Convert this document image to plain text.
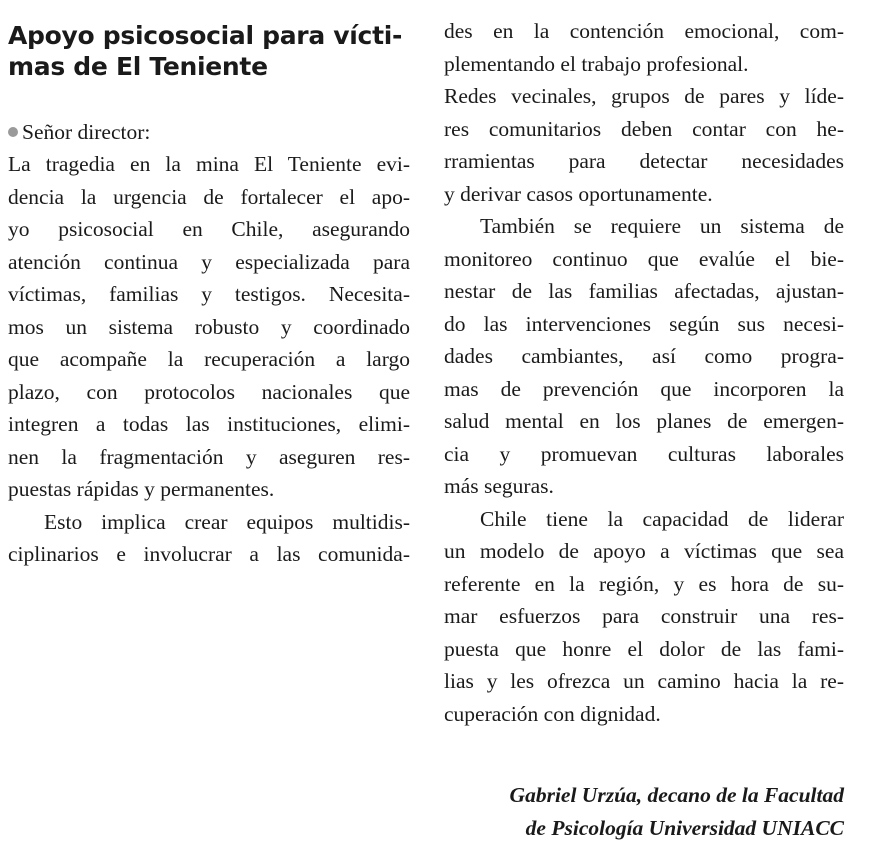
Apoyo psicosocial para vícti-
mas de El Teniente

Señor director:

La tragedia en la mina El Teniente evi-
dencia la urgencia de fortalecer el apo-
yo psicosocial en Chile, asegurando
atención continua y especializada para
víctimas, familias y testigos. Necesita-
mos un sistema robusto y coordinado
que acompañe la recuperación a largo
plazo, con protocolos nacionales que
integren a todas las instituciones, elimi-
nen la fragmentación y aseguren res-
puestas rápidas y permanentes.

Esto implica crear equipos multidis-
ciplinarios e involucrar a las comunida-

des en la contención emocional, com-
plementando el trabajo profesional.
Redes vecinales, grupos de pares y líde-
res comunitarios deben contar con he-
rramientas para detectar necesidades
y derivar casos oportunamente.

También se requiere un sistema de
monitoreo continuo que evalúe el bie-
nestar de las familias afectadas, ajustan-
do las intervenciones según sus necesi-
dades cambiantes, así como progra-
mas de prevención que incorporen la
salud mental en los planes de emergen-
cia y promuevan culturas laborales
más seguras.

Chile tiene la capacidad de liderar
un modelo de apoyo a víctimas que sea
referente en la región, y es hora de su-
mar esfuerzos para construir una res-
puesta que honre el dolor de las fami-
lias y les ofrezca un camino hacia la re-
cuperación con dignidad.

Gabriel Urzúa, decano de la Facultad
de Psicología Universidad UNIACC
